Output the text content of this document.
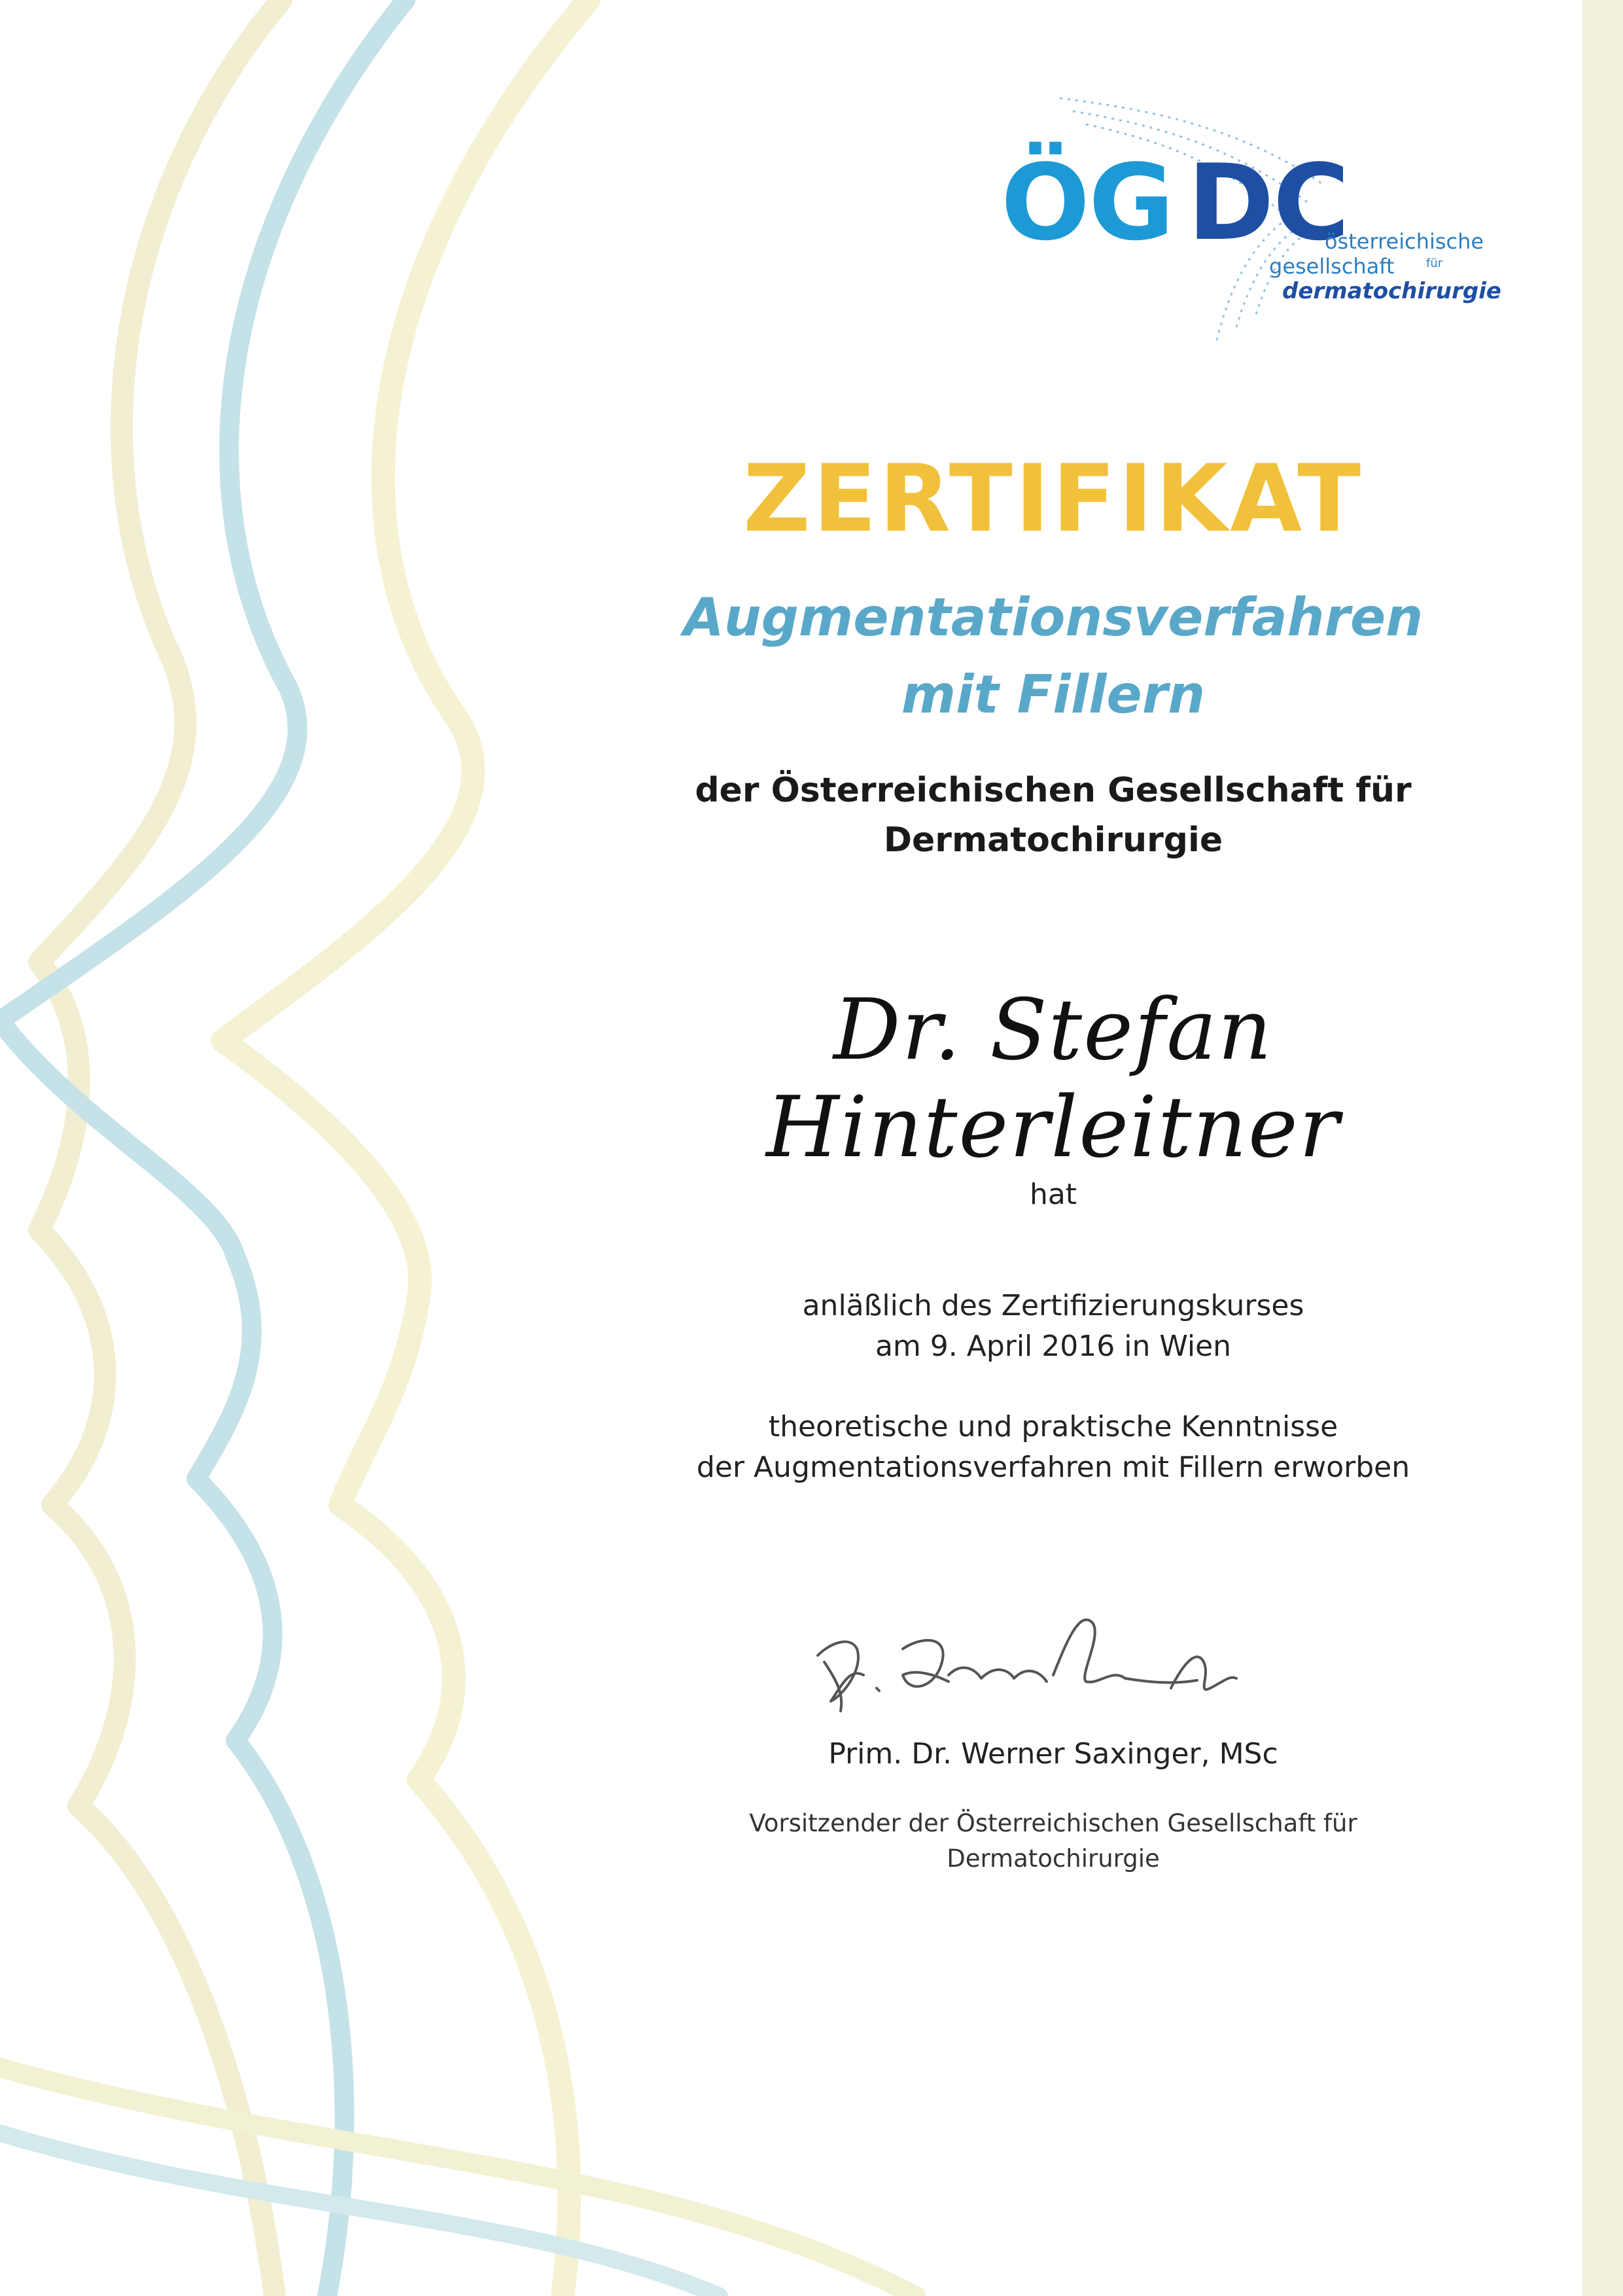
ÖG DC
österreichische
gesellschaft	für
dermatochirurgie
ZERTIFIKAT
Augmentationsverfahren
mit Fillern
der Österreichischen Gesellschaft für
Dermatochirurgie
Dr. Stefan Hinterleitner
hat
anläßlich des Zertifizierungskurses
am 9. April 2016 in Wien
theoretische und praktische Kenntnisse
der Augmentationsverfahren mit Fillern erworben
Prim. Dr. Werner Saxinger, MSc
Vorsitzender der Österreichischen Gesellschaft für
Dermatochirurgie
